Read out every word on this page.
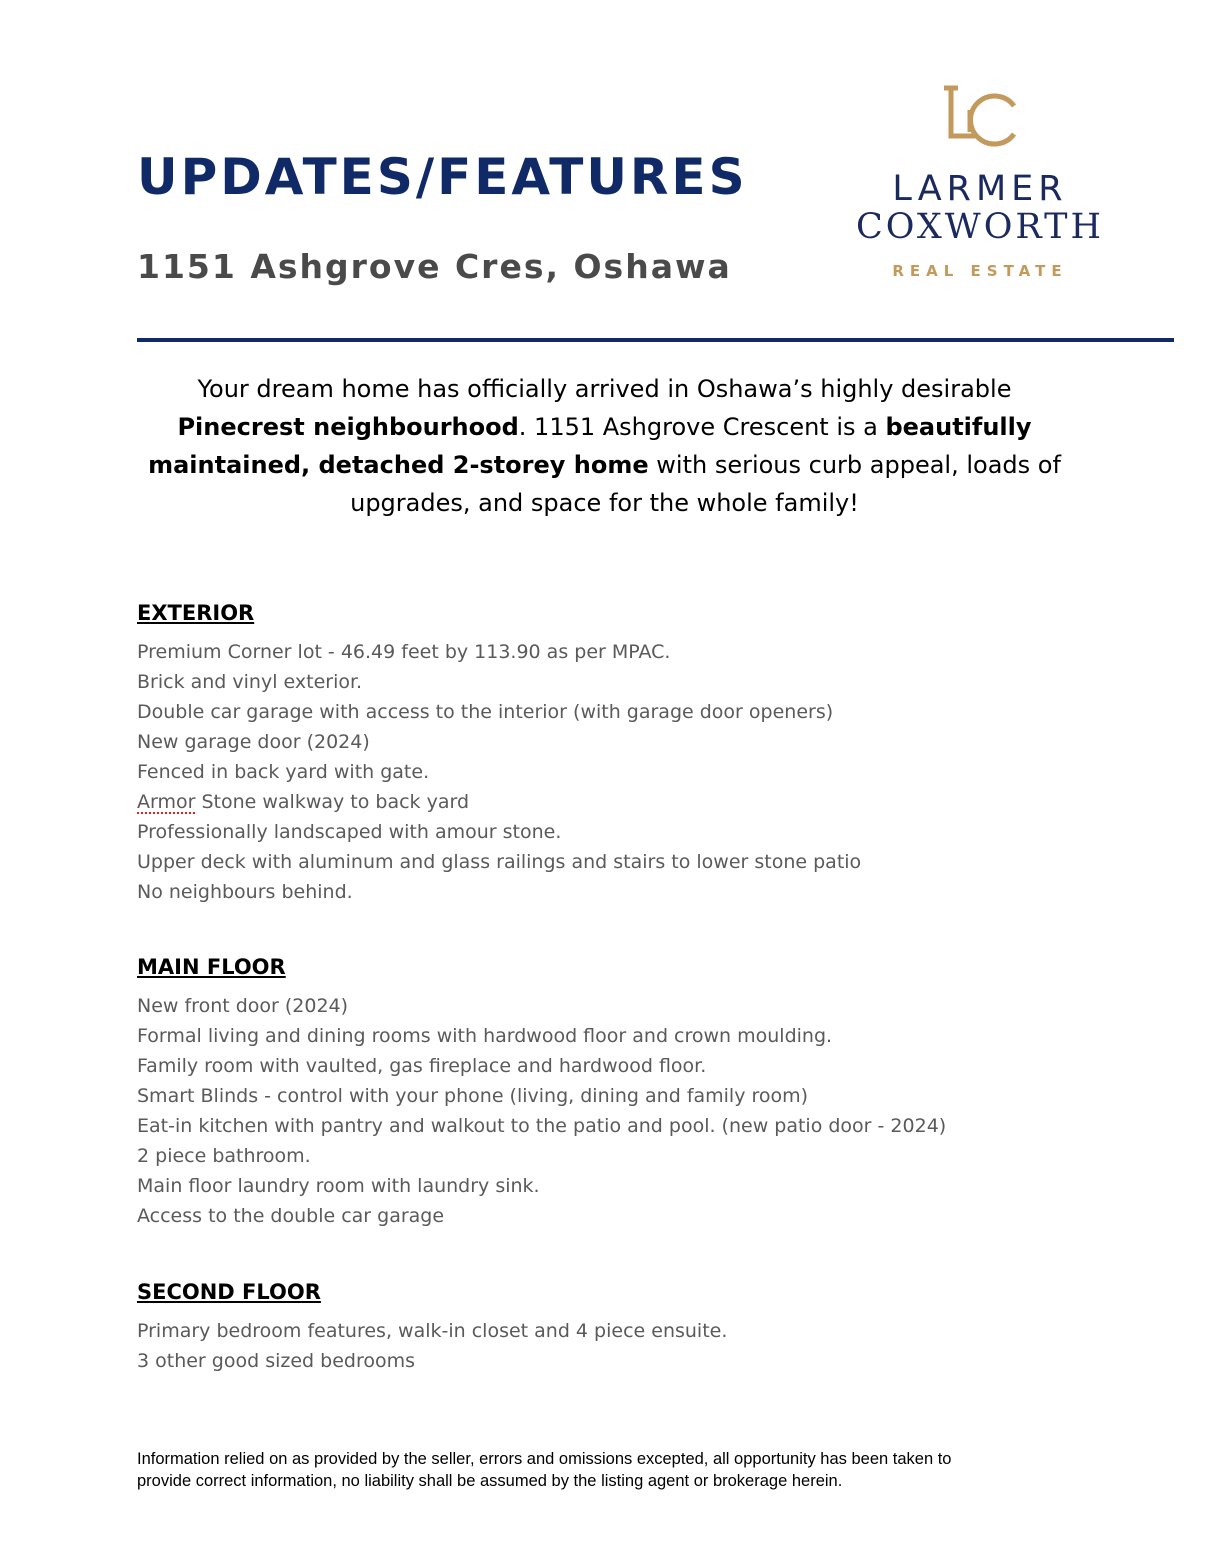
UPDATES/FEATURES
1151 Ashgrove Cres, Oshawa
LARMER
COXWORTH
REAL ESTATE

Your dream home has officially arrived in Oshawa’s highly desirable Pinecrest neighbourhood. 1151 Ashgrove Crescent is a beautifully maintained, detached 2-storey home with serious curb appeal, loads of upgrades, and space for the whole family!

EXTERIOR
Premium Corner lot - 46.49 feet by 113.90 as per MPAC.
Brick and vinyl exterior.
Double car garage with access to the interior (with garage door openers)
New garage door (2024)
Fenced in back yard with gate.
Armor Stone walkway to back yard
Professionally landscaped with amour stone.
Upper deck with aluminum and glass railings and stairs to lower stone patio
No neighbours behind.
MAIN FLOOR
New front door (2024)
Formal living and dining rooms with hardwood floor and crown moulding.
Family room with vaulted, gas fireplace and hardwood floor.
Smart Blinds - control with your phone (living, dining and family room)
Eat-in kitchen with pantry and walkout to the patio and pool. (new patio door - 2024)
2 piece bathroom.
Main floor laundry room with laundry sink.
Access to the double car garage
SECOND FLOOR
Primary bedroom features, walk-in closet and 4 piece ensuite.
3 other good sized bedrooms

Information relied on as provided by the seller, errors and omissions excepted, all opportunity has been taken to
provide correct information, no liability shall be assumed by the listing agent or brokerage herein.
